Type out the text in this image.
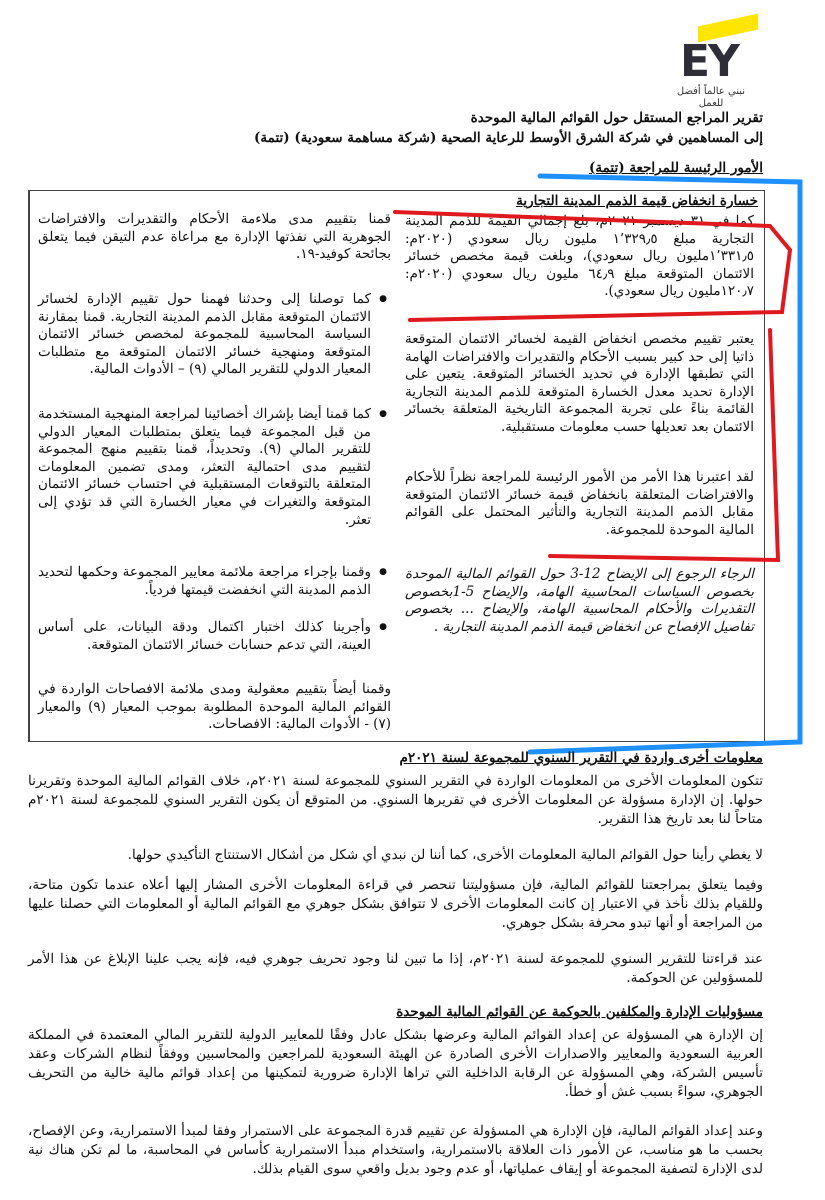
EY
نبني عالماً أفضل للعمل
تقرير المراجع المستقل حول القوائم المالية الموحدة
إلى المساهمين في شركة الشرق الأوسط للرعاية الصحية (شركة مساهمة سعودية) (تتمة)
الأمور الرئيسة للمراجعة (تتمة)
خسارة انخفاض قيمة الذمم المدينة التجارية
كما في ٣١ ديسمبر ٢٠٢١م، بلغ إجمالي القيمة للذمم المدينة التجارية مبلغ ١٬٣٢٩٫٥ مليون ريال سعودي (٢٠٢٠م: ١٬٣٣١٫٥مليون ريال سعودي)، وبلغت قيمة مخصص خسائر الائتمان المتوقعة مبلغ ٦٤٫٩ مليون ريال سعودي (٢٠٢٠م: ١٢٠٫٧مليون ريال سعودي).
يعتبر تقييم مخصص انخفاض القيمة لخسائر الائتمان المتوقعة ذاتيا إلى حد كبير بسبب الأحكام والتقديرات والافتراضات الهامة التي تطبقها الإدارة في تحديد الخسائر المتوقعة. يتعين على الإدارة تحديد معدل الخسارة المتوقعة للذمم المدينة التجارية القائمة بناءً على تجربة المجموعة التاريخية المتعلقة بخسائر الائتمان بعد تعديلها حسب معلومات مستقبلية.
لقد اعتبرنا هذا الأمر من الأمور الرئيسة للمراجعة نظراً للأحكام والافتراضات المتعلقة بانخفاض قيمة خسائر الائتمان المتوقعة مقابل الذمم المدينة التجارية والتأثير المحتمل على القوائم المالية الموحدة للمجموعة.
الرجاء الرجوع إلى الإيضاح 12-3 حول القوائم المالية الموحدة بخصوص السياسات المحاسبية الهامة، والإيضاح 5-1بخصوص التقديرات والأحكام المحاسبية الهامة، والإيضاح ... بخصوص تفاصيل الإفصاح عن انخفاض قيمة الذمم المدينة التجارية .
قمنا بتقييم مدى ملاءمة الأحكام والتقديرات والافتراضات الجوهرية التي نفذتها الإدارة مع مراعاة عدم التيقن فيما يتعلق بجائحة كوفيد-١٩.
● كما توصلنا إلى وحدثنا فهمنا حول تقييم الإدارة لخسائر الائتمان المتوقعة مقابل الذمم المدينة التجارية. قمنا بمقارنة السياسة المحاسبية للمجموعة لمخصص خسائر الائتمان المتوقعة ومنهجية خسائر الائتمان المتوقعة مع متطلبات المعيار الدولي للتقرير المالي (٩) – الأدوات المالية.
● كما قمنا أيضا بإشراك أخصائينا لمراجعة المنهجية المستخدمة من قبل المجموعة فيما يتعلق بمتطلبات المعيار الدولي للتقرير المالي (٩). وتحديداً، قمنا بتقييم منهج المجموعة لتقييم مدى احتمالية التعثر، ومدى تضمين المعلومات المتعلقة بالتوقعات المستقبلية في احتساب خسائر الائتمان المتوقعة والتغيرات في معيار الخسارة التي قد تؤدي إلى تعثر.
● وقمنا بإجراء مراجعة ملائمة معايير المجموعة وحكمها لتحديد الذمم المدينة التي انخفضت قيمتها فردياً.
● وأجرينا كذلك اختبار اكتمال ودقة البيانات، على أساس العينة، التي تدعم حسابات خسائر الائتمان المتوقعة.
وقمنا أيضاً بتقييم معقولية ومدى ملائمة الافصاحات الواردة في القوائم المالية الموحدة المطلوبة بموجب المعيار (٩) والمعيار (٧) - الأدوات المالية: الافصاحات.
معلومات أخرى واردة في التقرير السنوي للمجموعة لسنة ٢٠٢١م
تتكون المعلومات الأخرى من المعلومات الواردة في التقرير السنوي للمجموعة لسنة ٢٠٢١م، خلاف القوائم المالية الموحدة وتقريرنا حولها. إن الإدارة مسؤولة عن المعلومات الأخرى في تقريرها السنوي. من المتوقع أن يكون التقرير السنوي للمجموعة لسنة ٢٠٢١م متاحاً لنا بعد تاريخ هذا التقرير.
لا يغطي رأينا حول القوائم المالية المعلومات الأخرى، كما أننا لن نبدي أي شكل من أشكال الاستنتاج التأكيدي حولها.
وفيما يتعلق بمراجعتنا للقوائم المالية، فإن مسؤوليتنا تنحصر في قراءة المعلومات الأخرى المشار إليها أعلاه عندما تكون متاحة، وللقيام بذلك نأخذ في الاعتبار إن كانت المعلومات الأخرى لا تتوافق بشكل جوهري مع القوائم المالية أو المعلومات التي حصلنا عليها من المراجعة أو أنها تبدو محرفة بشكل جوهري.
عند قراءتنا للتقرير السنوي للمجموعة لسنة ٢٠٢١م، إذا ما تبين لنا وجود تحريف جوهري فيه، فإنه يجب علينا الإبلاغ عن هذا الأمر للمسؤولين عن الحوكمة.
مسؤوليات الإدارة والمكلفين بالحوكمة عن القوائم المالية الموحدة
إن الإدارة هي المسؤولة عن إعداد القوائم المالية وعرضها بشكل عادل وفقًا للمعايير الدولية للتقرير المالي المعتمدة في المملكة العربية السعودية والمعايير والاصدارات الأخرى الصادرة عن الهيئة السعودية للمراجعين والمحاسبين ووفقاً لنظام الشركات وعقد تأسيس الشركة، وهي المسؤولة عن الرقابة الداخلية التي تراها الإدارة ضرورية لتمكينها من إعداد قوائم مالية خالية من التحريف الجوهري، سواءً بسبب غش أو خطأ.
وعند إعداد القوائم المالية، فإن الإدارة هي المسؤولة عن تقييم قدرة المجموعة على الاستمرار وفقا لمبدأ الاستمرارية، وعن الإفصاح، بحسب ما هو مناسب، عن الأمور ذات العلاقة بالاستمرارية، واستخدام مبدأ الاستمرارية كأساس في المحاسبة، ما لم تكن هناك نية لدى الإدارة لتصفية المجموعة أو إيقاف عملياتها، أو عدم وجود بديل واقعي سوى القيام بذلك.
